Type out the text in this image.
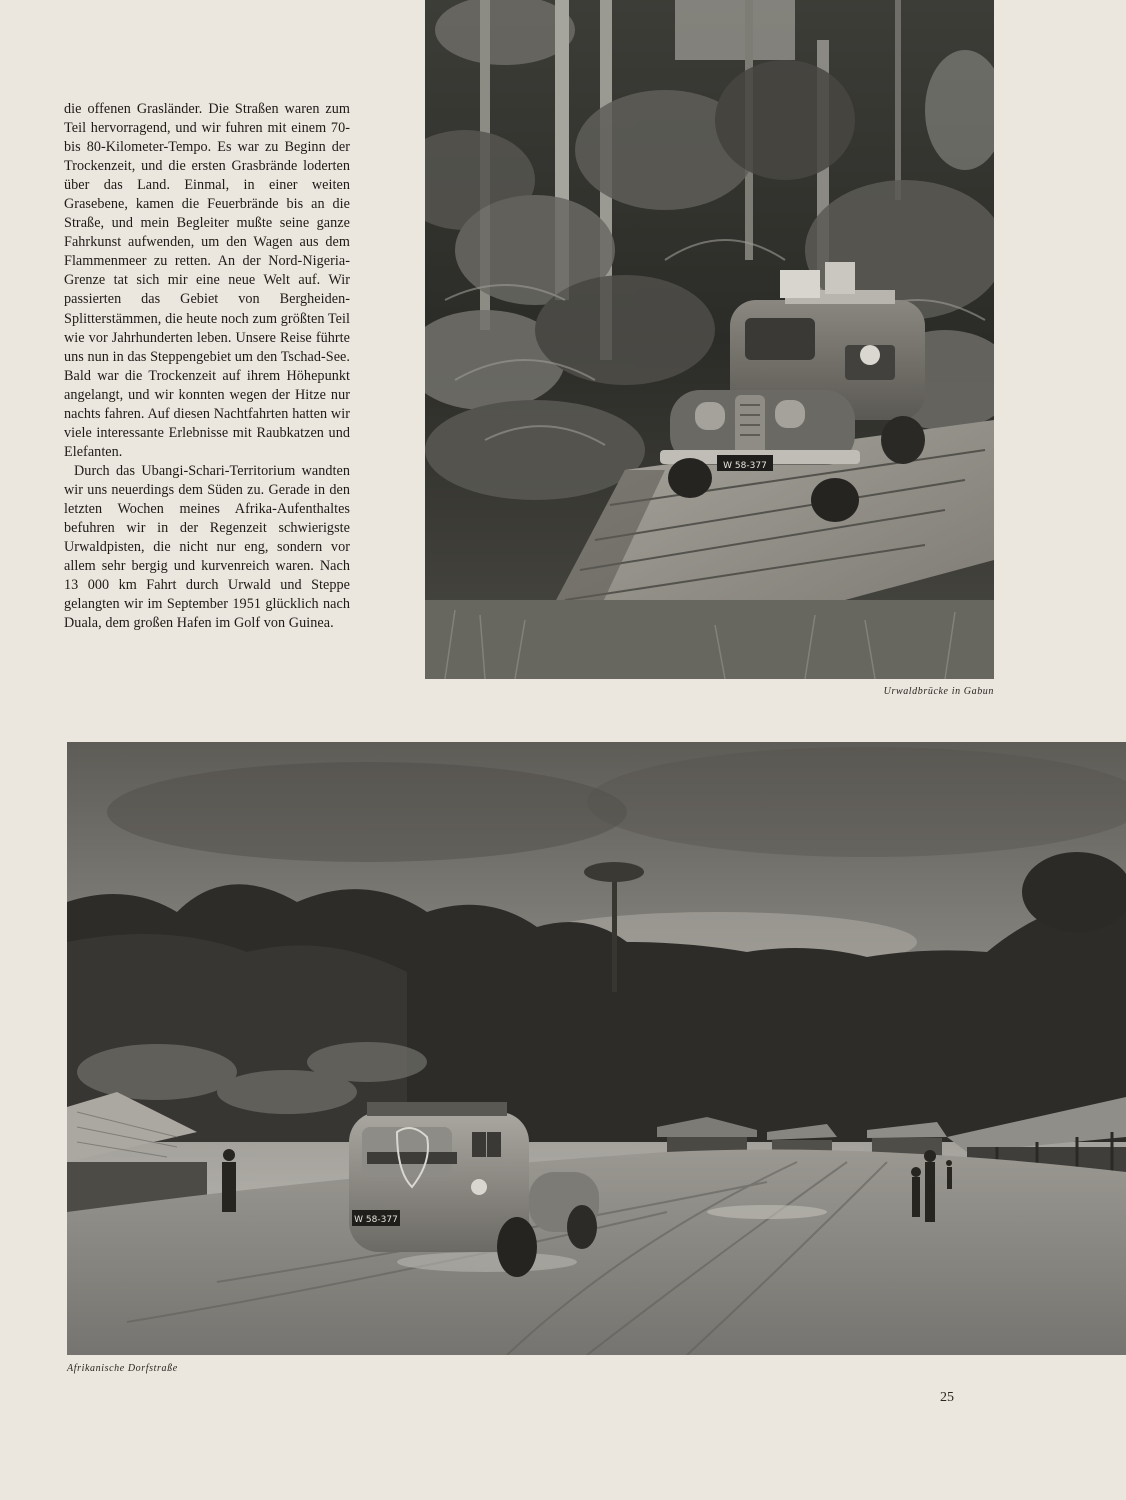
die offenen Grasländer. Die Straßen waren zum Teil hervorragend, und wir fuhren mit einem 70- bis 80-Kilometer-Tempo. Es war zu Beginn der Trockenzeit, und die ersten Grasbrände loderten über das Land. Einmal, in einer weiten Grasebene, kamen die Feuerbrände bis an die Straße, und mein Begleiter mußte seine ganze Fahrkunst aufwenden, um den Wagen aus dem Flammenmeer zu retten. An der Nord-Nigeria-Grenze tat sich mir eine neue Welt auf. Wir passierten das Gebiet von Bergheiden-Splitterstämmen, die heute noch zum größten Teil wie vor Jahrhunderten leben. Unsere Reise führte uns nun in das Steppengebiet um den Tschad-See. Bald war die Trockenzeit auf ihrem Höhepunkt angelangt, und wir konnten wegen der Hitze nur nachts fahren. Auf diesen Nachtfahrten hatten wir viele interessante Erlebnisse mit Raubkatzen und Elefanten.

Durch das Ubangi-Schari-Territorium wandten wir uns neuerdings dem Süden zu. Gerade in den letzten Wochen meines Afrika-Aufenthaltes befuhren wir in der Regenzeit schwierigste Urwaldpisten, die nicht nur eng, sondern vor allem sehr bergig und kurvenreich waren. Nach 13 000 km Fahrt durch Urwald und Steppe gelangten wir im September 1951 glücklich nach Duala, dem großen Hafen im Golf von Guinea.

W 58-377
Urwaldbrücke in Gabun
W 58-377
Afrikanische Dorfstraße
25
